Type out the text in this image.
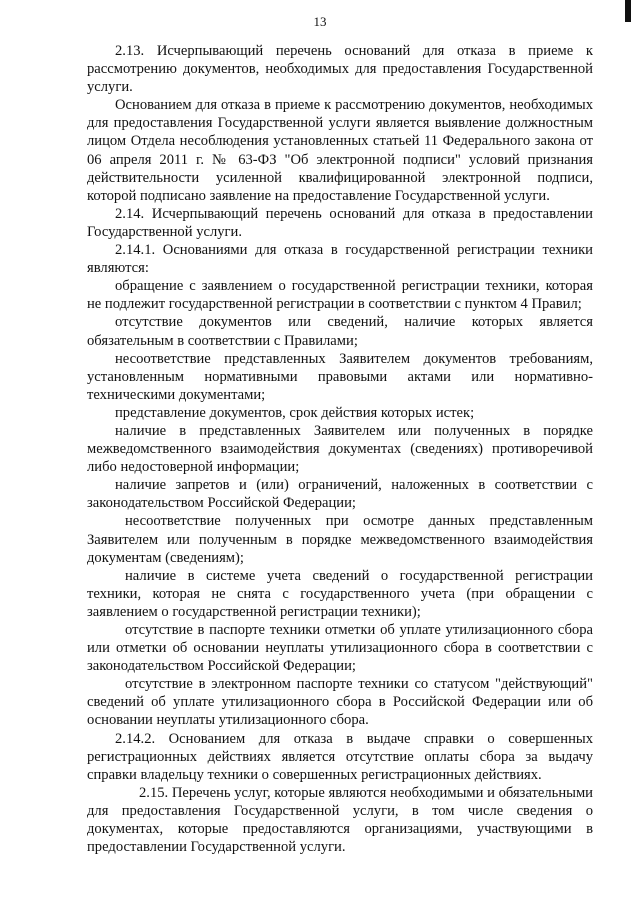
13

2.13. Исчерпывающий перечень оснований для отказа в приеме к рассмотрению документов, необходимых для предоставления Государственной услуги.

Основанием для отказа в приеме к рассмотрению документов, необходимых для предоставления Государственной услуги является выявление должностным лицом Отдела несоблюдения установленных статьей 11 Федерального закона от 06 апреля 2011 г. № 63-ФЗ "Об электронной подписи" условий признания действительности усиленной квалифицированной электронной подписи, которой подписано заявление на предоставление Государственной услуги.

2.14. Исчерпывающий перечень оснований для отказа в предоставлении Государственной услуги.

2.14.1. Основаниями для отказа в государственной регистрации техники являются:

обращение с заявлением о государственной регистрации техники, которая не подлежит государственной регистрации в соответствии с пунктом 4 Правил;

отсутствие документов или сведений, наличие которых является обязательным в соответствии с Правилами;

несоответствие представленных Заявителем документов требованиям, установленным нормативными правовыми актами или нормативно-техническими документами;

представление документов, срок действия которых истек;

наличие в представленных Заявителем или полученных в порядке межведомственного взаимодействия документах (сведениях) противоречивой либо недостоверной информации;

наличие запретов и (или) ограничений, наложенных в соответствии с законодательством Российской Федерации;

несоответствие полученных при осмотре данных представленным Заявителем или полученным в порядке межведомственного взаимодействия документам (сведениям);

наличие в системе учета сведений о государственной регистрации техники, которая не снята с государственного учета (при обращении с заявлением о государственной регистрации техники);

отсутствие в паспорте техники отметки об уплате утилизационного сбора или отметки об основании неуплаты утилизационного сбора в соответствии с законодательством Российской Федерации;

отсутствие в электронном паспорте техники со статусом "действующий" сведений об уплате утилизационного сбора в Российской Федерации или об основании неуплаты утилизационного сбора.

2.14.2. Основанием для отказа в выдаче справки о совершенных регистрационных действиях является отсутствие оплаты сбора за выдачу справки владельцу техники о совершенных регистрационных действиях.

2.15. Перечень услуг, которые являются необходимыми и обязательными для предоставления Государственной услуги, в том числе сведения о документах, которые предоставляются организациями, участвующими в предоставлении Государственной услуги.
